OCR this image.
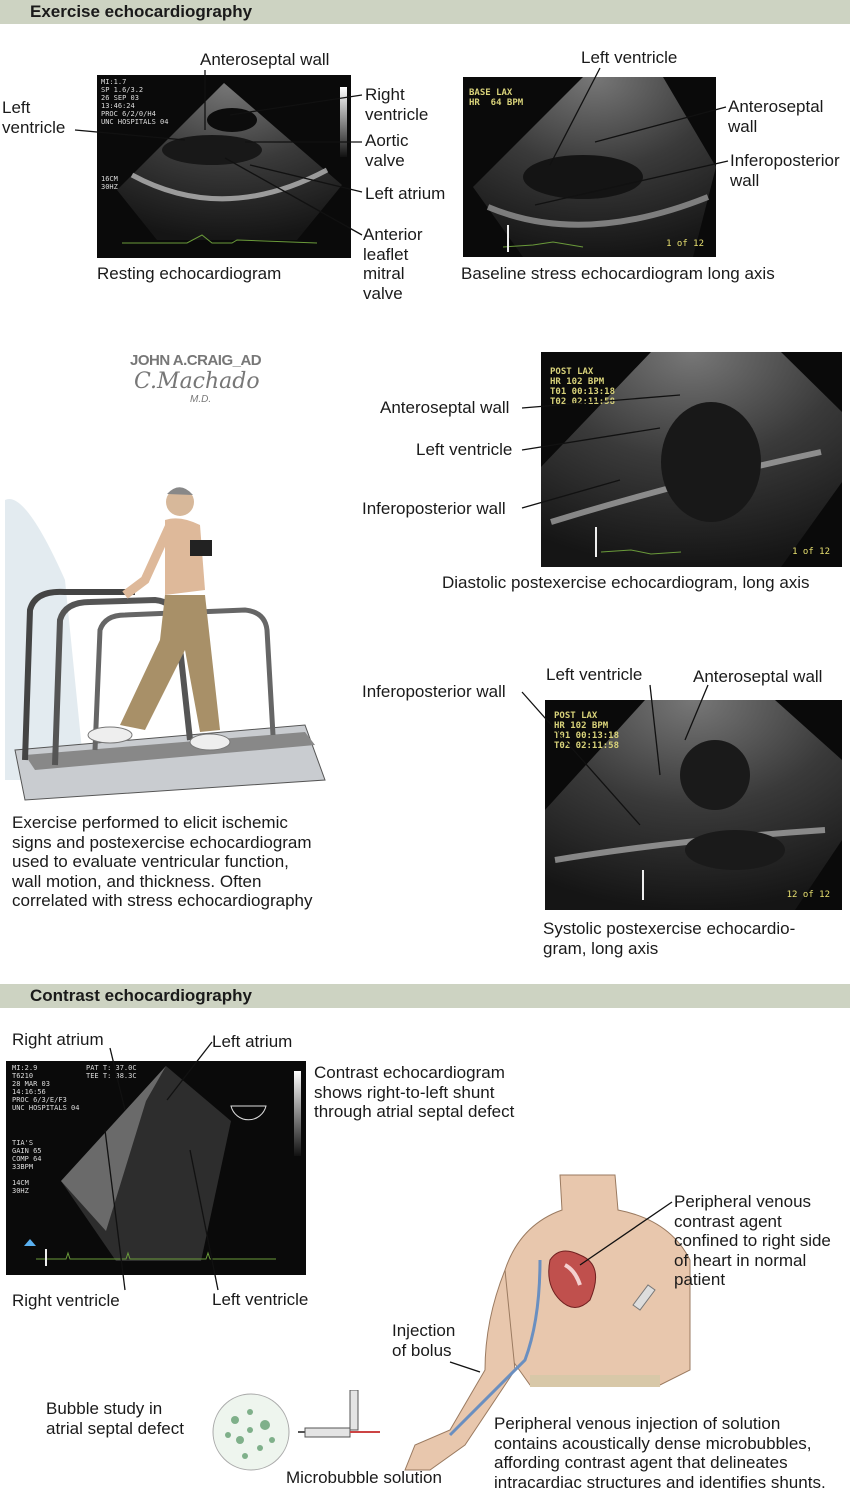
Exercise echocardiography
MI:1.7
SP 1.6/3.2
26 SEP 03
13:46:24
PROC 6/2/0/H4
UNC HOSPITALS 04
16CM
30HZ
Anteroseptal wall
Left
ventricle
Right
ventricle
Aortic
valve
Left atrium
Anterior
leaflet
mitral
valve
Resting echocardiogram
BASE LAX
HR  64 BPM
1 of 12
Left ventricle
Anteroseptal
wall
Inferoposterior
wall
Baseline stress echocardiogram long axis
JOHN A.CRAIG_AD
C.Machado
M.D.
POST LAX
HR 102 BPM
T01 00:13:18
T02 02:11:58
1 of 12
Anteroseptal wall
Left ventricle
Inferoposterior wall
Diastolic postexercise echocardiogram, long axis
Exercise performed to elicit ischemic
signs and postexercise echocardiogram
used to evaluate ventricular function,
wall motion, and thickness. Often
correlated with stress echocardiography
POST LAX
HR 102 BPM
T01 00:13:18
T02 02:11:58
12 of 12
Inferoposterior wall
Left ventricle	Anteroseptal wall
Systolic postexercise echocardio-
gram, long axis
Contrast echocardiography
MI:2.9
T6210
28 MAR 03
14:16:56
PROC 6/3/E/F3
UNC HOSPITALS 04
PAT T: 37.0C
TEE T: 38.3C
TIA'S
GAIN 65
COMP 64
33BPM

14CM
30HZ
Right atrium	Left atrium
Right ventricle	Left ventricle
Contrast echocardiogram
shows right-to-left shunt
through atrial septal defect
Peripheral venous
contrast agent
confined to right side
of heart in normal
patient
Injection
of bolus
Bubble study in
atrial septal defect
Microbubble solution
Peripheral venous injection of solution
contains acoustically dense microbubbles,
affording contrast agent that delineates
intracardiac structures and identifies shunts.
